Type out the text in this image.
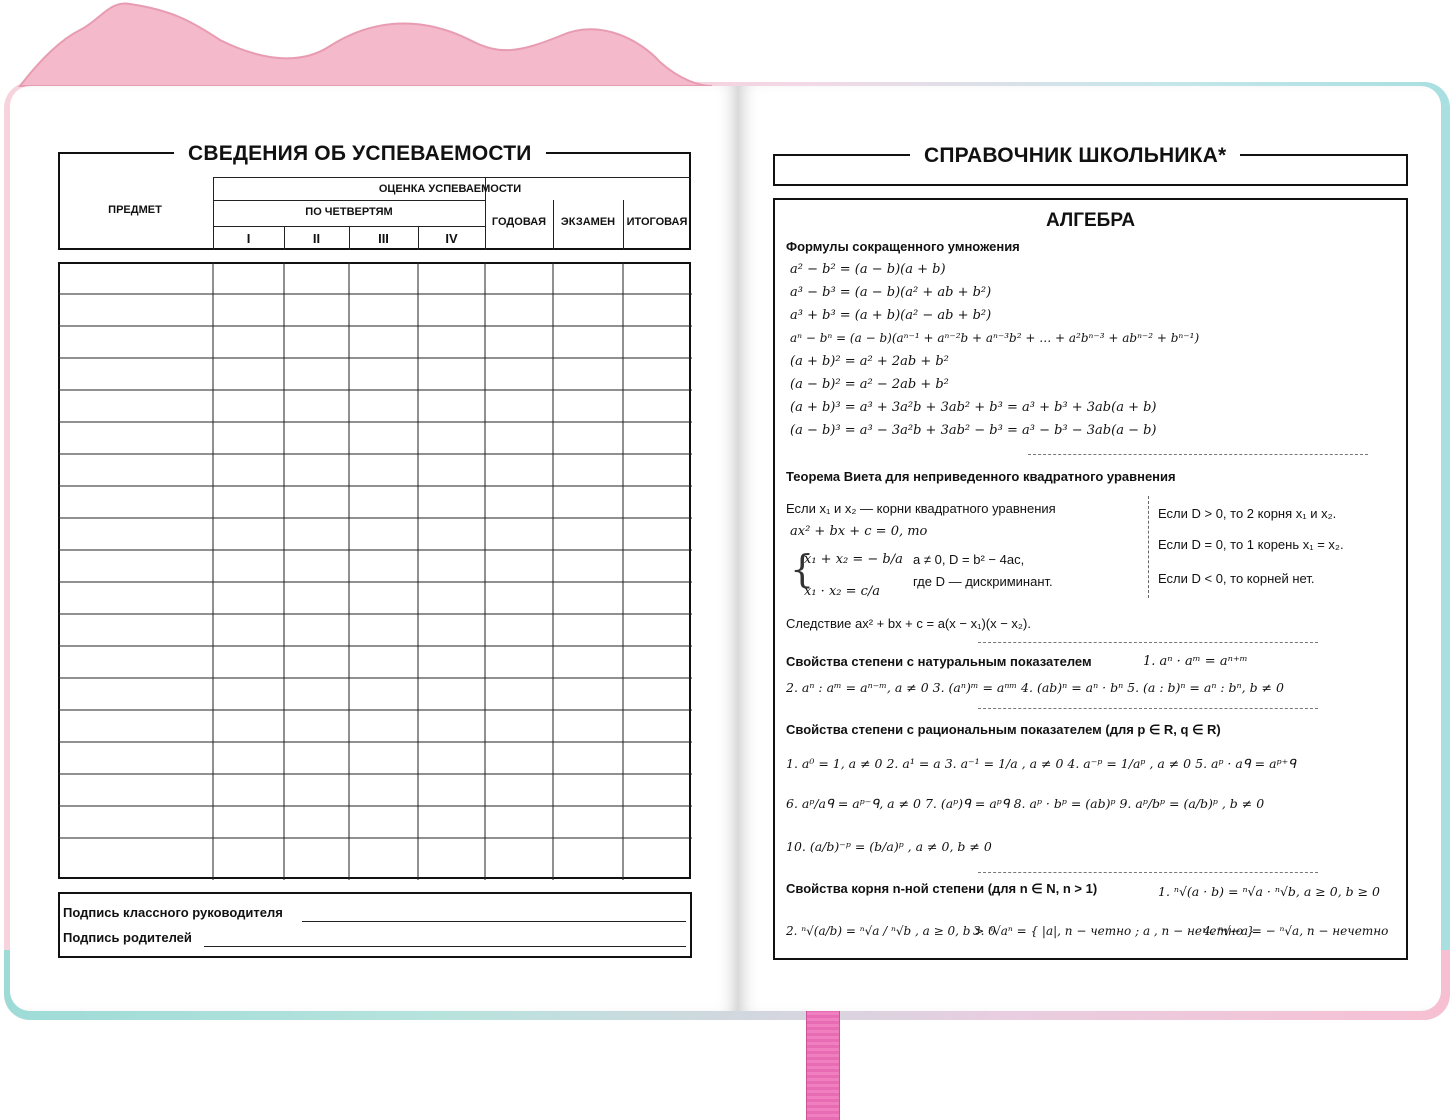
СВЕДЕНИЯ ОБ УСПЕВАЕМОСТИ
ПРЕДМЕТ
ОЦЕНКА УСПЕВАЕМОСТИ
ПО ЧЕТВЕРТЯМ
ГОДОВАЯ	ЭКЗАМЕН	ИТОГОВАЯ
I	II	III	IV
Подпись классного руководителя
Подпись родителей
СПРАВОЧНИК ШКОЛЬНИКА*
АЛГЕБРА
Формулы сокращенного умножения
a² − b² = (a − b)(a + b)
a³ − b³ = (a − b)(a² + ab + b²)
a³ + b³ = (a + b)(a² − ab + b²)
aⁿ − bⁿ = (a − b)(aⁿ⁻¹ + aⁿ⁻²b + aⁿ⁻³b² + … + a²bⁿ⁻³ + abⁿ⁻² + bⁿ⁻¹)
(a + b)² = a² + 2ab + b²
(a − b)² = a² − 2ab + b²
(a + b)³ = a³ + 3a²b + 3ab² + b³ = a³ + b³ + 3ab(a + b)
(a − b)³ = a³ − 3a²b + 3ab² − b³ = a³ − b³ − 3ab(a − b)
Теорема Виета для неприведенного квадратного уравнения
Если x₁ и x₂ — корни квадратного уравнения
ax² + bx + c = 0, то
{
x₁ + x₂ = − b/a
x₁ · x₂ = c/a
a ≠ 0, D = b² − 4ac,
где D — дискриминант.
Если D > 0, то 2 корня x₁ и x₂.
Если D = 0, то 1 корень x₁ = x₂.
Если D < 0, то корней нет.
Следствие ax² + bx + c = a(x − x₁)(x − x₂).
Свойства степени с натуральным показателем	1. aⁿ · aᵐ = aⁿ⁺ᵐ
2. aⁿ : aᵐ = aⁿ⁻ᵐ, a ≠ 0 3. (aⁿ)ᵐ = aⁿᵐ 4. (ab)ⁿ = aⁿ · bⁿ 5. (a : b)ⁿ = aⁿ : bⁿ, b ≠ 0
Свойства степени с рациональным показателем (для p ∈ R, q ∈ R)
1. a⁰ = 1, a ≠ 0 2. a¹ = a 3. a⁻¹ = 1/a , a ≠ 0 4. a⁻ᵖ = 1/aᵖ , a ≠ 0 5. aᵖ · aᑫ = aᵖ⁺ᑫ
6. aᵖ/aᑫ = aᵖ⁻ᑫ, a ≠ 0 7. (aᵖ)ᑫ = aᵖᑫ 8. aᵖ · bᵖ = (ab)ᵖ 9. aᵖ/bᵖ = (a/b)ᵖ , b ≠ 0
10. (a/b)⁻ᵖ = (b/a)ᵖ , a ≠ 0, b ≠ 0
Свойства корня n-ной степени (для n ∈ N, n > 1)	1. ⁿ√(a · b) = ⁿ√a · ⁿ√b, a ≥ 0, b ≥ 0
2. ⁿ√(a/b) = ⁿ√a / ⁿ√b , a ≥ 0, b > 0
3. ⁿ√aⁿ = { |a|, n − четно ; a , n − нечетно }
4. ⁿ√−a = − ⁿ√a, n − нечетно
